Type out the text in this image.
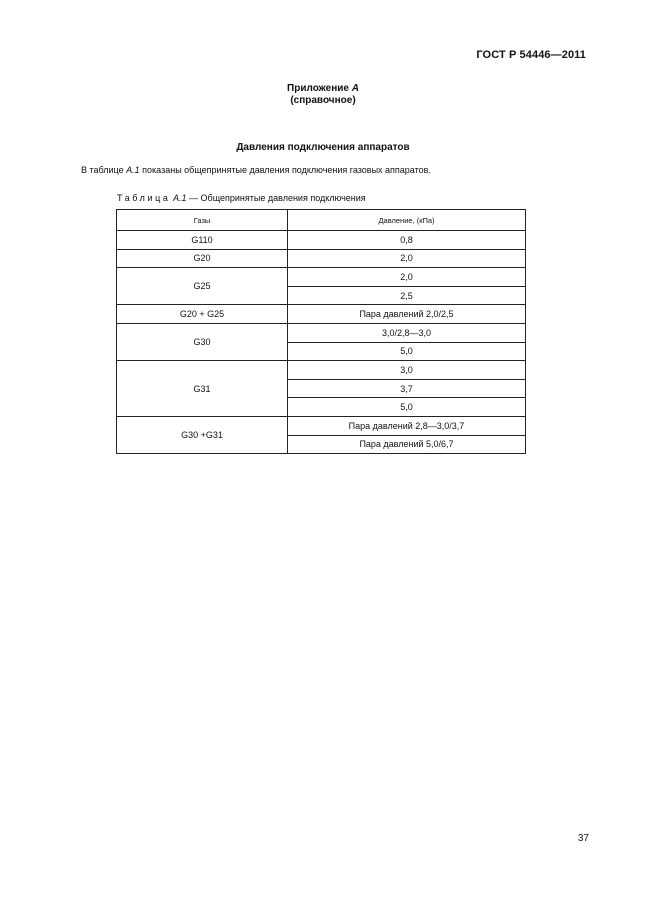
ГОСТ Р 54446—2011
Приложение А
(справочное)
Давления подключения аппаратов
В таблице А.1 показаны общепринятые давления подключения газовых аппаратов.
Таблица А.1 — Общепринятые давления подключения
Газы	Давление, (кПа)
G110	0,8
G20	2,0
G25	2,0
	2,5
G20 + G25	Пара давлений 2,0/2,5
G30	3,0/2,8—3,0
	5,0
G31	3,0
	3,7
	5,0
G30 +G31	Пара давлений 2,8—3,0/3,7
	Пара давлений 5,0/6,7
37
